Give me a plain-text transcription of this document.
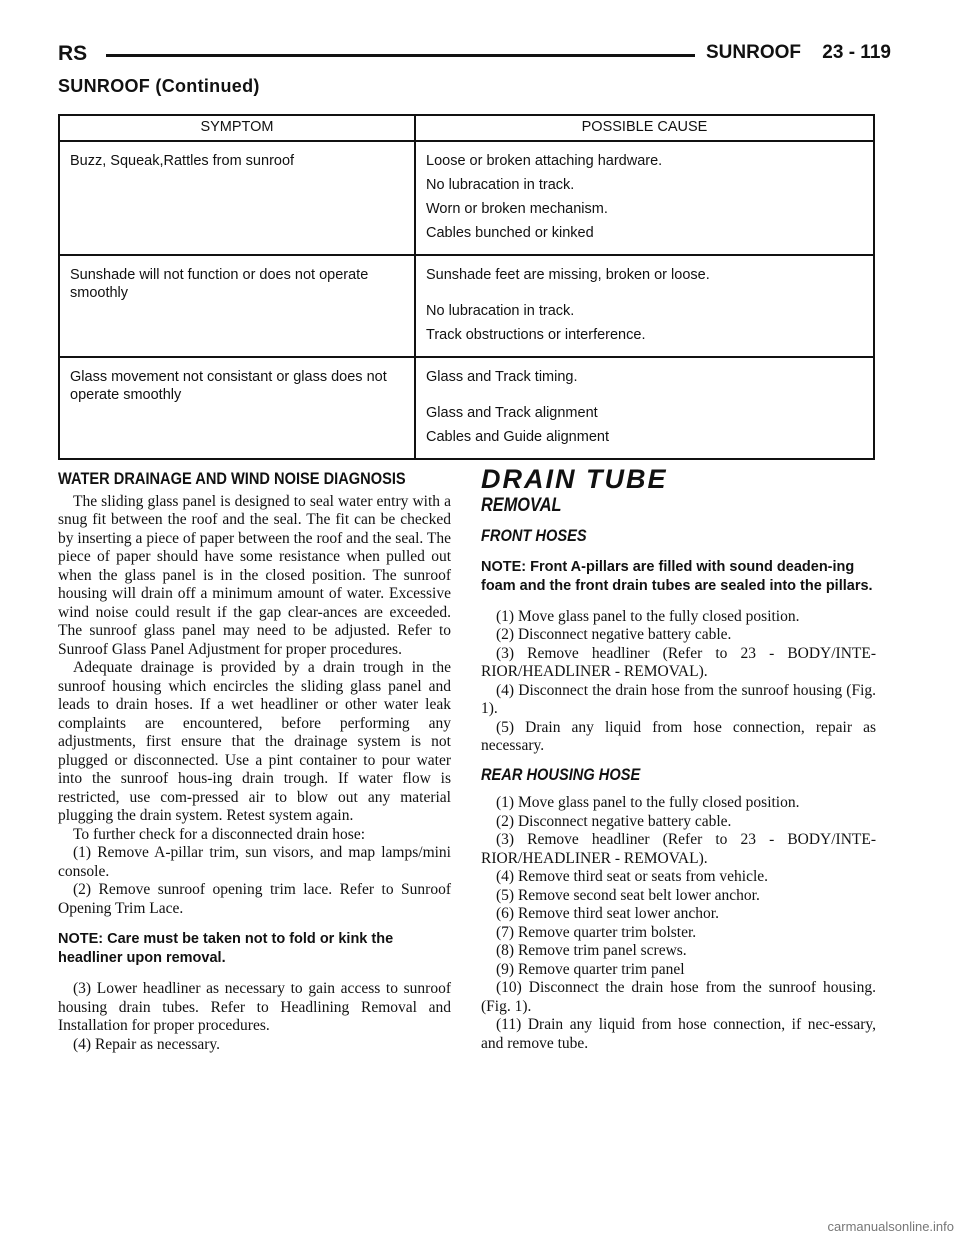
RS	SUNROOF 23 - 119
SUNROOF (Continued)
SYMPTOM	POSSIBLE CAUSE
Buzz, Squeak,Rattles from sunroof	Loose or broken attaching hardware.
No lubracation in track.
Worn or broken mechanism.
Cables bunched or kinked

Sunshade will not function or does not operate smoothly	Sunshade feet are missing, broken or loose.
No lubracation in track.
Track obstructions or interference.

Glass movement not consistant or glass does not operate smoothly	Glass and Track timing.
Glass and Track alignment
Cables and Guide alignment
WATER DRAINAGE AND WIND NOISE DIAGNOSIS

The sliding glass panel is designed to seal water entry with a snug fit between the roof and the seal. The fit can be checked by inserting a piece of paper between the roof and the seal. The piece of paper should have some resistance when pulled out when the glass panel is in the closed position. The sunroof housing will drain off a minimum amount of water. Excessive wind noise could result if the gap clear-ances are exceeded. The sunroof glass panel may need to be adjusted. Refer to Sunroof Glass Panel Adjustment for proper procedures.

Adequate drainage is provided by a drain trough in the sunroof housing which encircles the sliding glass panel and leads to drain hoses. If a wet headliner or other water leak complaints are encountered, before performing any adjustments, first ensure that the drainage system is not plugged or disconnected. Use a pint container to pour water into the sunroof hous-ing drain trough. If water flow is restricted, use com-pressed air to blow out any material plugging the drain system. Retest system again.

To further check for a disconnected drain hose:

(1) Remove A-pillar trim, sun visors, and map lamps/mini console.

(2) Remove sunroof opening trim lace. Refer to Sunroof Opening Trim Lace.

NOTE: Care must be taken not to fold or kink the headliner upon removal.

(3) Lower headliner as necessary to gain access to sunroof housing drain tubes. Refer to Headlining Removal and Installation for proper procedures.

(4) Repair as necessary.

DRAIN TUBE
REMOVAL
FRONT HOSES

NOTE: Front A-pillars are filled with sound deaden-ing foam and the front drain tubes are sealed into the pillars.

(1) Move glass panel to the fully closed position.

(2) Disconnect negative battery cable.

(3) Remove headliner (Refer to 23 - BODY/INTE-RIOR/HEADLINER - REMOVAL).

(4) Disconnect the drain hose from the sunroof housing (Fig. 1).

(5) Drain any liquid from hose connection, repair as necessary.

REAR HOUSING HOSE

(1) Move glass panel to the fully closed position.

(2) Disconnect negative battery cable.

(3) Remove headliner (Refer to 23 - BODY/INTE-RIOR/HEADLINER - REMOVAL).

(4) Remove third seat or seats from vehicle.

(5) Remove second seat belt lower anchor.

(6) Remove third seat lower anchor.

(7) Remove quarter trim bolster.

(8) Remove trim panel screws.

(9) Remove quarter trim panel

(10) Disconnect the drain hose from the sunroof housing. (Fig. 1).

(11) Drain any liquid from hose connection, if nec-essary, and remove tube.

carmanualsonline.info
